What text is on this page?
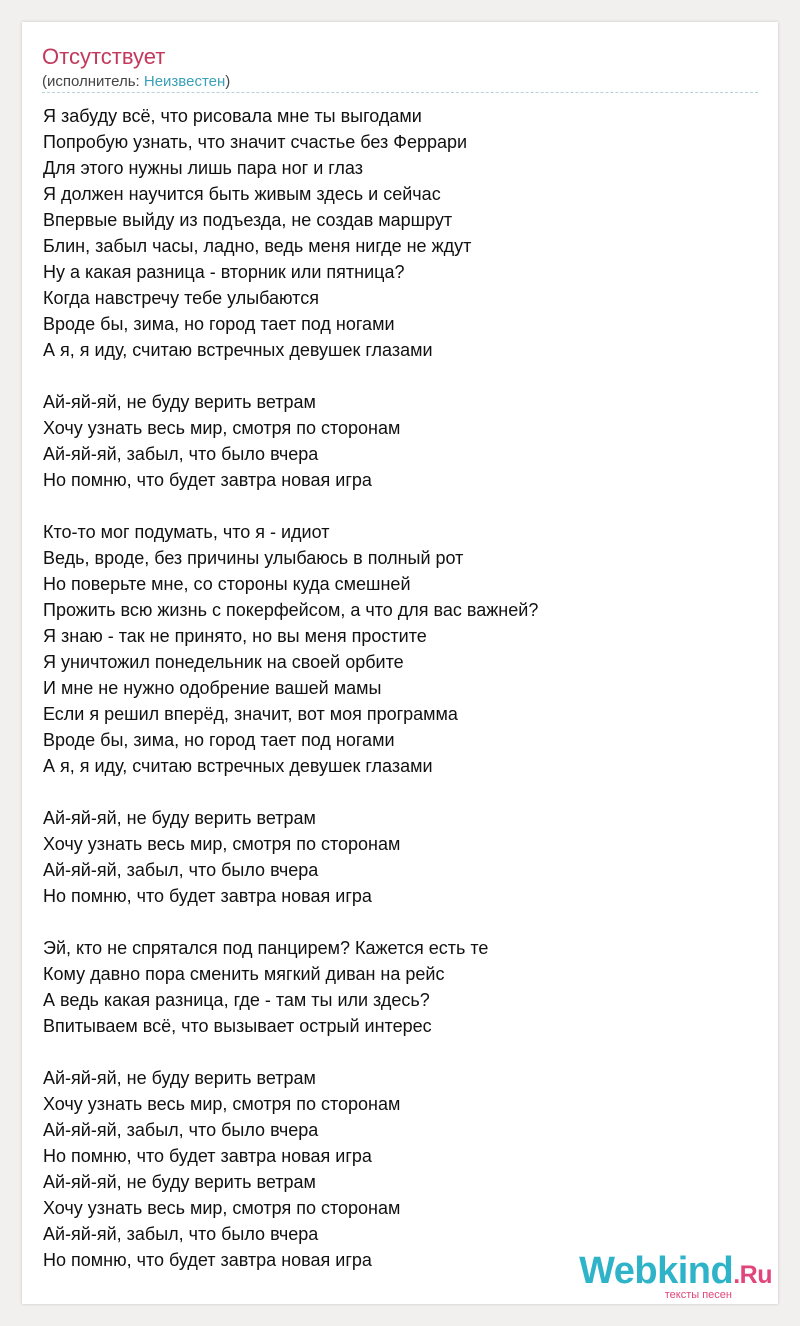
Отсутствует
(исполнитель: Неизвестен)
Я забуду всё, что рисовала мне ты выгодами
Попробую узнать, что значит счастье без Феррари
Для этого нужны лишь пара ног и глаз
Я должен научится быть живым здесь и сейчас
Впервые выйду из подъезда, не создав маршрут
Блин, забыл часы, ладно, ведь меня нигде не ждут
Ну а какая разница - вторник или пятница?
Когда навстречу тебе улыбаются
Вроде бы, зима, но город тает под ногами
А я, я иду, считаю встречных девушек глазами
Ай-яй-яй, не буду верить ветрам
Хочу узнать весь мир, смотря по сторонам
Ай-яй-яй, забыл, что было вчера
Но помню, что будет завтра новая игра
Кто-то мог подумать, что я - идиот
Ведь, вроде, без причины улыбаюсь в полный рот
Но поверьте мне, со стороны куда смешней
Прожить всю жизнь с покерфейсом, а что для вас важней?
Я знаю - так не принято, но вы меня простите
Я уничтожил понедельник на своей орбите
И мне не нужно одобрение вашей мамы
Если я решил вперёд, значит, вот моя программа
Вроде бы, зима, но город тает под ногами
А я, я иду, считаю встречных девушек глазами
Ай-яй-яй, не буду верить ветрам
Хочу узнать весь мир, смотря по сторонам
Ай-яй-яй, забыл, что было вчера
Но помню, что будет завтра новая игра
Эй, кто не спрятался под панцирем? Кажется есть те
Кому давно пора сменить мягкий диван на рейс
А ведь какая разница, где - там ты или здесь?
Впитываем всё, что вызывает острый интерес
Ай-яй-яй, не буду верить ветрам
Хочу узнать весь мир, смотря по сторонам
Ай-яй-яй, забыл, что было вчера
Но помню, что будет завтра новая игра
Ай-яй-яй, не буду верить ветрам
Хочу узнать весь мир, смотря по сторонам
Ай-яй-яй, забыл, что было вчера
Но помню, что будет завтра новая игра	Webkind.Ru
тексты песен
